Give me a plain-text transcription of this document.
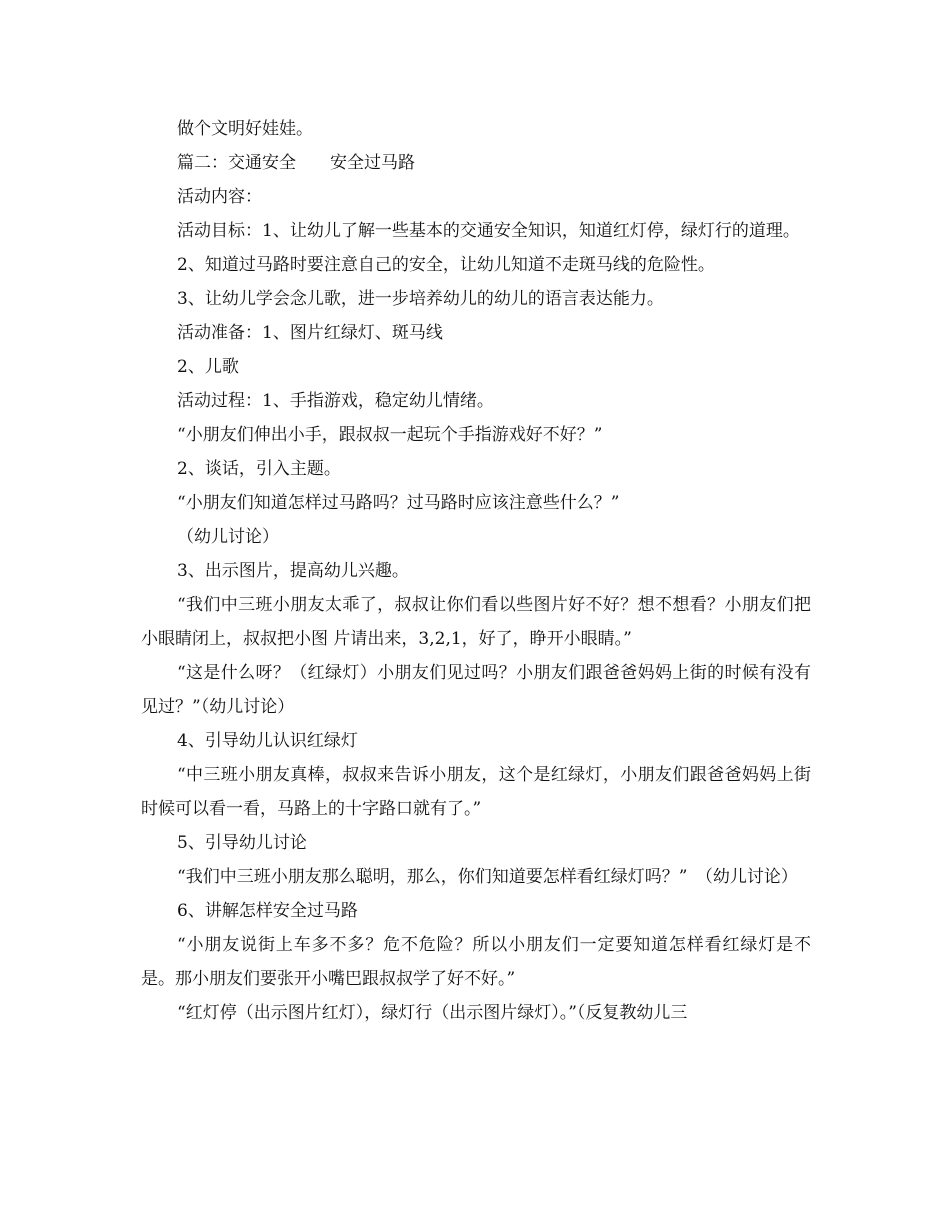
做个文明好娃娃。

篇二：交通安全　　安全过马路

活动内容：

活动目标：1、让幼儿了解一些基本的交通安全知识，知道红灯停，绿灯行的道理。

2、知道过马路时要注意自己的安全，让幼儿知道不走斑马线的危险性。

3、让幼儿学会念儿歌，进一步培养幼儿的幼儿的语言表达能力。

活动准备：1、图片红绿灯、斑马线

2、儿歌

活动过程：1、手指游戏，稳定幼儿情绪。

“小朋友们伸出小手，跟叔叔一起玩个手指游戏好不好？”

2、谈话，引入主题。

“小朋友们知道怎样过马路吗？过马路时应该注意些什么？”

（幼儿讨论）

3、出示图片，提高幼儿兴趣。

“我们中三班小朋友太乖了，叔叔让你们看以些图片好不好？想不想看？小朋友们把小眼睛闭上，叔叔把小图 片请出来，3,2,1，好了，睁开小眼睛。”

“这是什么呀？（红绿灯）小朋友们见过吗？小朋友们跟爸爸妈妈上街的时候有没有见过？”（幼儿讨论）

4、引导幼儿认识红绿灯

“中三班小朋友真棒，叔叔来告诉小朋友，这个是红绿灯，小朋友们跟爸爸妈妈上街时候可以看一看，马路上的十字路口就有了。”

5、引导幼儿讨论

“我们中三班小朋友那么聪明，那么，你们知道要怎样看红绿灯吗？”　（幼儿讨论）

6、讲解怎样安全过马路

“小朋友说街上车多不多？危不危险？所以小朋友们一定要知道怎样看红绿灯是不是。那小朋友们要张开小嘴巴跟叔叔学了好不好。”

“红灯停（出示图片红灯），绿灯行（出示图片绿灯）。”（反复教幼儿三
